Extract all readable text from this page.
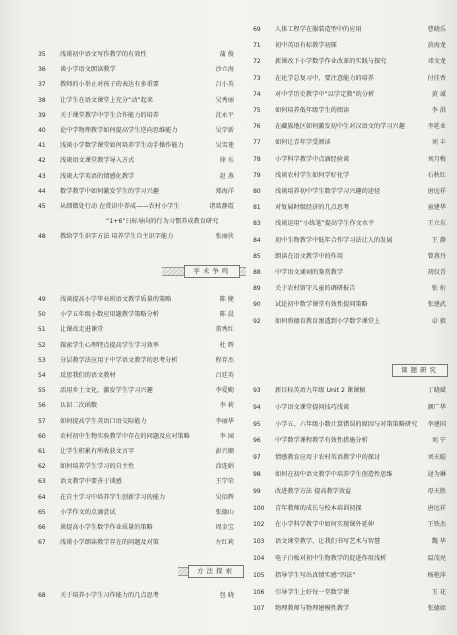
35	浅谈初中语文写作教学的有效性	蒲 俊
36	谈小学语文朗读教学	沙立海
37	教师的小举止对孩子的表达有多重要	吕小英
38	让学生在语文课堂上充分“动”起来	吴秀丽
39	关于课堂教学中学生合作能力的培养	沈永平
40	论中学物理教学如何提高学生逆向思维能力	吴学新
41	浅谈小学数学课堂如何培养学生动手操作能力	吴雪莲
42	浅谈语文课堂教学导入方式	徐 东
43	浅谈大学英语的情感化教学	赵 燕
44	数学教学中如何激发学生的学习兴趣	郑海洋
45	从细微处行动 在赏识中养成——农村小学生	诸葛静霞
“1+6”日标导向的行为习惯养成教育研究
48	教给学生识字方法 培养学生自主识字能力	张丽侠
学术争鸣
49	浅谈提高小学毕业班语文教学质量的策略	陈 健
50	小学五年级小数应用题教学策略分析	陈 晨
51	让课改走进课堂	董秀红
52	探索学生心理特点提高学生学习效率	杜 辉
53	分层教学法应用于中学语文教学的思考分析	程存杰
54	反思我们的语文教材	吕廷英
55	活用乡土文化，激发学生学习兴趣	李爱勤
56	认识二次函数	李 莉
57	如何提高学生英语口语交际能力	李丽华
60	农村初中生物实验教学中存在的问题及应对策略	李 园
61	让学生积累有所收获文言字	彭兴顺
62	如何培养学生学习的自主性	涂连娟
63	语文教学中要善于谈感	王学荣
64	在自主学习中培养学生创新学习的能力	吴佰辉
65	小学作文的点滴尝试	张德山
66	谈提高小学生数学作业质量的策略	周金宝
67	浅谈小学朗读教学存在的问题及对策	左红莉
方法探索
68	关于培养小学生习作能力的几点思考	包 晓
69	人体工程学在服装造型中的应用	曹晓乐
71	初中英语有标教学初探	黄海龙
72	新课改下小学数学作业改革的实践与探究	邓文龙
73	在化学总复习中，要注意能力的培养	付佳香
74	对中学历史教学中“以学定教”的分析	黄 诚
75	如何培养低年级学生的阅读	李 洪
76	在藏族地区如何激发初中生对汉语文的学习兴趣	李延业
77	如何让青年学受阅读	刘 丰
78	小学科学教学中点滴经验谈	刘月梅
79	浅谈农村学生如何学好化学	石秋红
80	浅谈培养初中学生数学学习兴趣的途径	唐远祥
81	对复展时级经济的几点思考	童建华
83	浅谈运用“小练笔”提高学生作文水平	王立东
84	初中生物教学中低年合作学习法让人的发展	王 静
85	朗读在语文教学中的作用	曾燕丹
88	中学语文诵词的鉴赏教学	胡仅青
89	关于农村留守儿童的调研报告	张 珩
90	试论初中数学课堂有效性提问策略	张建武
92	如何将德育教育渗透到小学数学课堂上	卓 毅
课题研究
93	新目标英语九年级 Unit 2 课课稿	丁晓斌
94	小学语文课堂提问技巧浅谈	颜广华
95	小学五、六年级小数计算错误的原因与对策策略研究 李建国
96	中学数学课程教学有效性措施分析	刘 宁
97	情感教育应用于农村英语教学中的探讨	刘天聪
98	如何在初中语文教学中培养学生创造性思维	逯为琳
99	改进教学方法 提高教学效益	母天胜
100	青年教师的成长与校本培训初探	唐远祥
102	在小学科学教学中如何实现课外延伸	王铁杰
103	语文课堂教学，让我们书写艺术与智慧	魏 华
104	电子白板对初中生物教学的促进作用浅析	温茂亮
105	指导学生写出真情实感“四法”	杨艳萍
106	引导学生上好每一堂数学课	玉 花
107	物理教师与物理建模性教学	张德如
